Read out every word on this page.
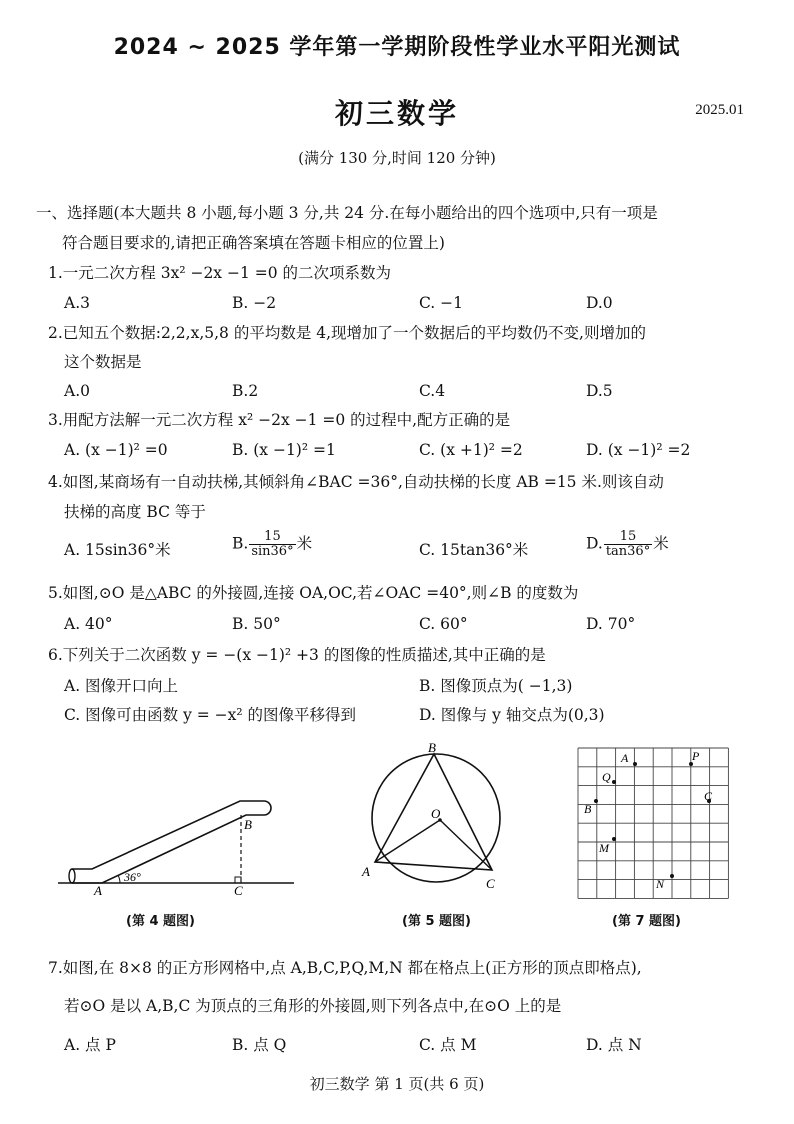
2024 ~ 2025 学年第一学期阶段性学业水平阳光测试
初三数学	2025.01
(满分 130 分,时间 120 分钟)
一、选择题(本大题共 8 小题,每小题 3 分,共 24 分.在每小题给出的四个选项中,只有一项是
符合题目要求的,请把正确答案填在答题卡相应的位置上)
1.一元二次方程 3x² −2x −1 =0 的二次项系数为
A.3	B. −2	C. −1	D.0
2.已知五个数据:2,2,x,5,8 的平均数是 4,现增加了一个数据后的平均数仍不变,则增加的
这个数据是
A.0	B.2	C.4	D.5
3.用配方法解一元二次方程 x² −2x −1 =0 的过程中,配方正确的是
A. (x −1)² =0	B. (x −1)² =1	C. (x +1)² =2	D. (x −1)² =2
4.如图,某商场有一自动扶梯,其倾斜角∠BAC =36°,自动扶梯的长度 AB =15 米.则该自动
扶梯的高度 BC 等于
A. 15sin36°米	B. $\frac{15}{\sin 36^\circ}$ 米	C. 15tan36°米	D. $\frac{15}{\tan 36^\circ}$ 米
5.如图,⊙O 是△ABC 的外接圆,连接 OA,OC,若∠OAC =40°,则∠B 的度数为
A. 40°	B. 50°	C. 60°	D. 70°
6.下列关于二次函数 y = −(x −1)² +3 的图像的性质描述,其中正确的是
A. 图像开口向上	B. 图像顶点为( −1,3)
C. 图像可由函数 y = −x² 的图像平移得到	D. 图像与 y 轴交点为(0,3)
A
B
C
36°
(第 4 题图)
B
A
C
O
(第 5 题图)
A	P
Q
B
C
M
N
(第 7 题图)
7.如图,在 8×8 的正方形网格中,点 A,B,C,P,Q,M,N 都在格点上(正方形的顶点即格点),
若⊙O 是以 A,B,C 为顶点的三角形的外接圆,则下列各点中,在⊙O 上的是
A. 点 P	B. 点 Q	C. 点 M	D. 点 N
初三数学 第 1 页(共 6 页)
